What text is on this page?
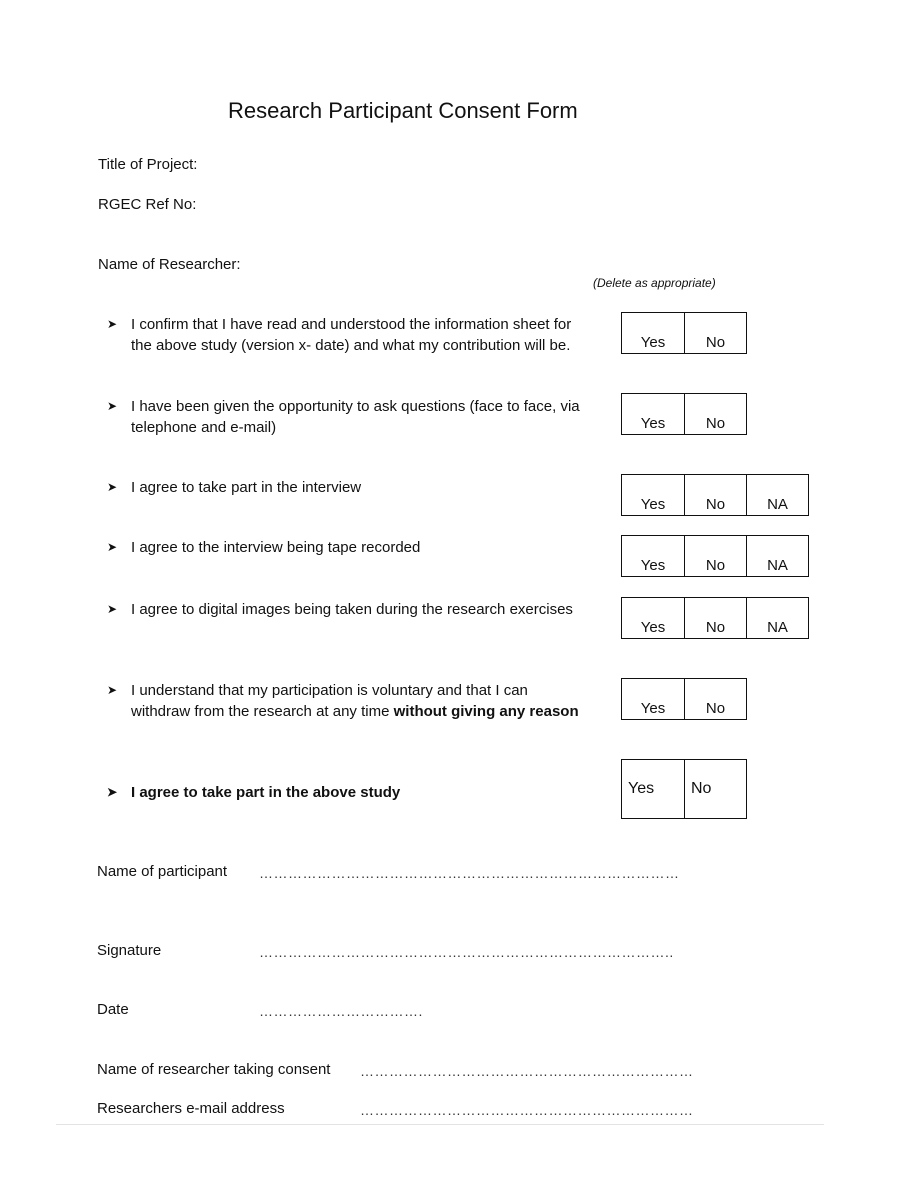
Research Participant Consent Form
Title of Project:
RGEC Ref No:
Name of Researcher:
(Delete as appropriate)
➤ I confirm that I have read and understood the information sheet for
the above study (version x- date) and what my contribution will be.	Yes	No
➤ I have been given the opportunity to ask questions (face to face, via
telephone and e-mail)	Yes	No
➤ I agree to take part in the interview
Yes	No	NA
➤ I agree to the interview being tape recorded
Yes	No	NA
➤ I agree to digital images being taken during the research exercises
Yes	No	NA
➤ I understand that my participation is voluntary and that I can
withdraw from the research at any time without giving any reason	Yes	No
➤ I agree to take part in the above study	Yes	No
Name of participant ……………………………………………………………………………
Signature	…………………………………………………………………………..
Date	…………………………….
Name of researcher taking consent ……………………………………………………………
Researchers e-mail address	……………………………………………………………
